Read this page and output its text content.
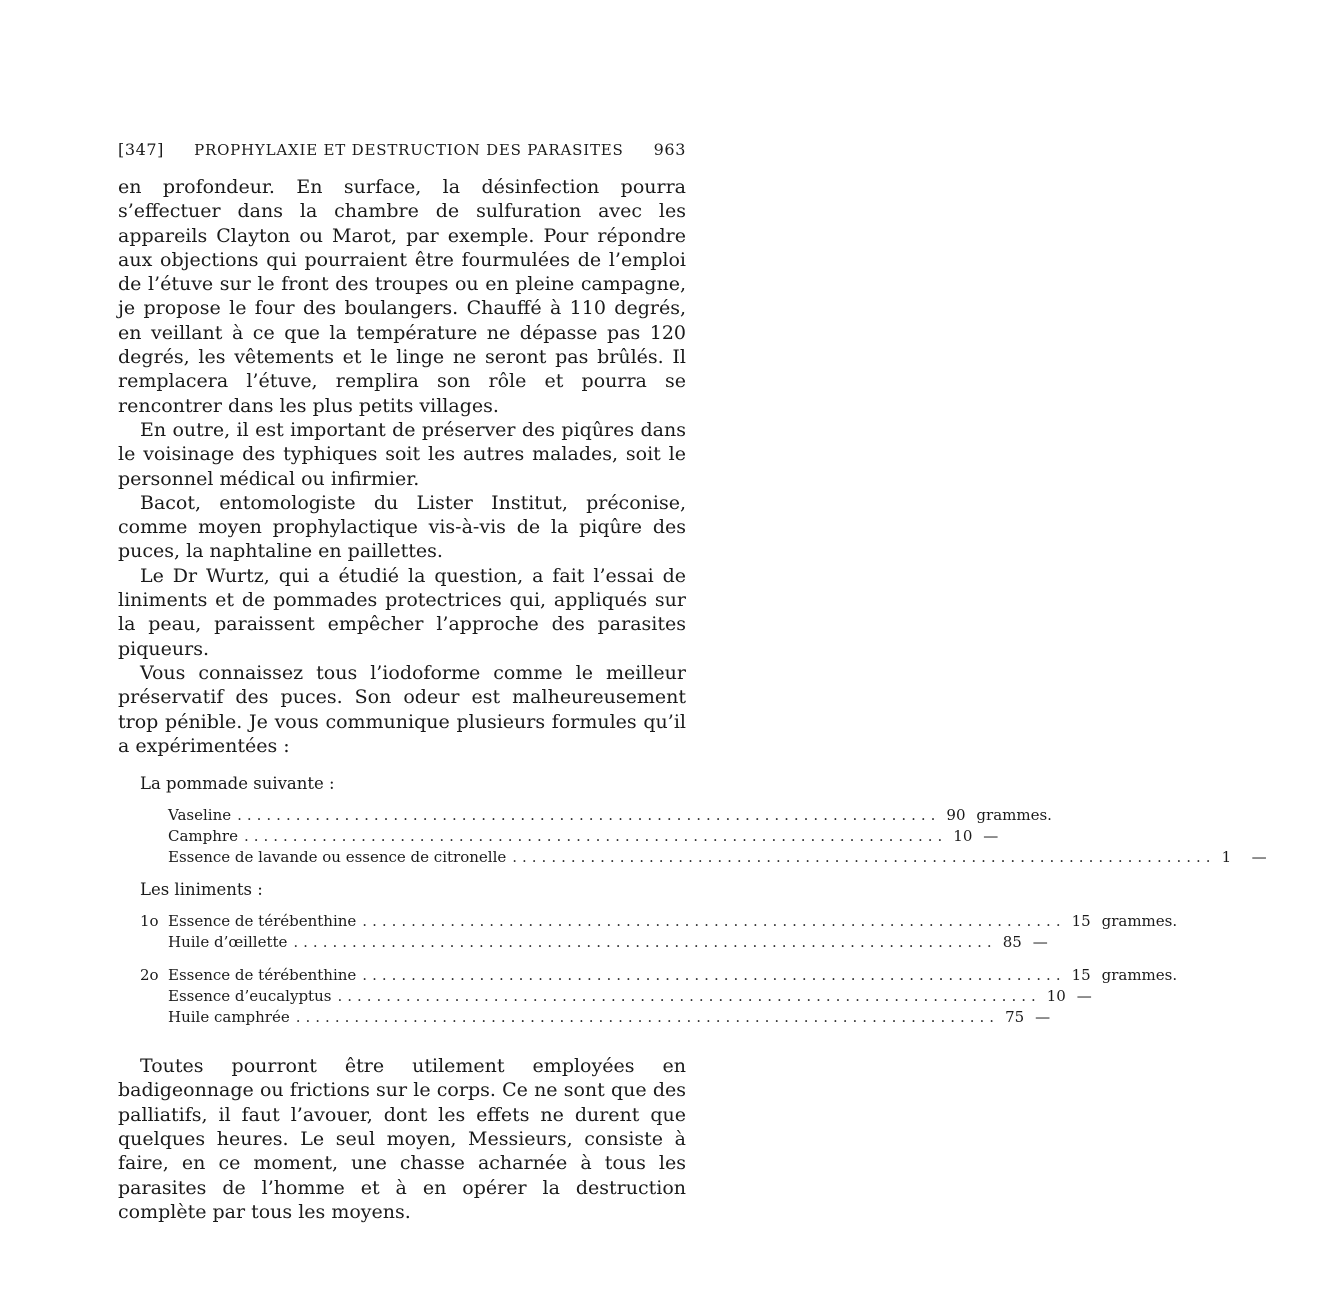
[347] PROPHYLAXIE ET DESTRUCTION DES PARASITES 963

en profondeur. En surface, la désinfection pourra s’effectuer dans la chambre de sulfuration avec les appareils Clayton ou Marot, par exemple. Pour répondre aux objections qui pourraient être fourmulées de l’emploi de l’étuve sur le front des troupes ou en pleine campagne, je propose le four des boulangers. Chauffé à 110 degrés, en veillant à ce que la température ne dépasse pas 120 degrés, les vêtements et le linge ne seront pas brûlés. Il remplacera l’étuve, remplira son rôle et pourra se rencontrer dans les plus petits villages.

En outre, il est important de préserver des piqûres dans le voisinage des typhiques soit les autres malades, soit le personnel médical ou infirmier.

Bacot, entomologiste du Lister Institut, préconise, comme moyen prophylactique vis-à-vis de la piqûre des puces, la naphtaline en paillettes.

Le Dr Wurtz, qui a étudié la question, a fait l’essai de liniments et de pommades protectrices qui, appliqués sur la peau, paraissent empêcher l’approche des parasites piqueurs.

Vous connaissez tous l’iodoforme comme le meilleur préservatif des puces. Son odeur est malheureusement trop pénible. Je vous communique plusieurs formules qu’il a expérimentées :

La pommade suivante :
Vaseline ........................................................................ 90 grammes.
Camphre ........................................................................ 10 —
Essence de lavande ou essence de citronelle ........................................................................ 1	—
Les liniments :
1o Essence de térébenthine ........................................................................ 15 grammes.
Huile d’œillette ........................................................................ 85 —
2o Essence de térébenthine ........................................................................ 15 grammes.
Essence d’eucalyptus ........................................................................ 10 —
Huile camphrée ........................................................................ 75 —

Toutes pourront être utilement employées en badigeonnage ou frictions sur le corps. Ce ne sont que des palliatifs, il faut l’avouer, dont les effets ne durent que quelques heures. Le seul moyen, Messieurs, consiste à faire, en ce moment, une chasse acharnée à tous les parasites de l’homme et à en opérer la destruction complète par tous les moyens.
